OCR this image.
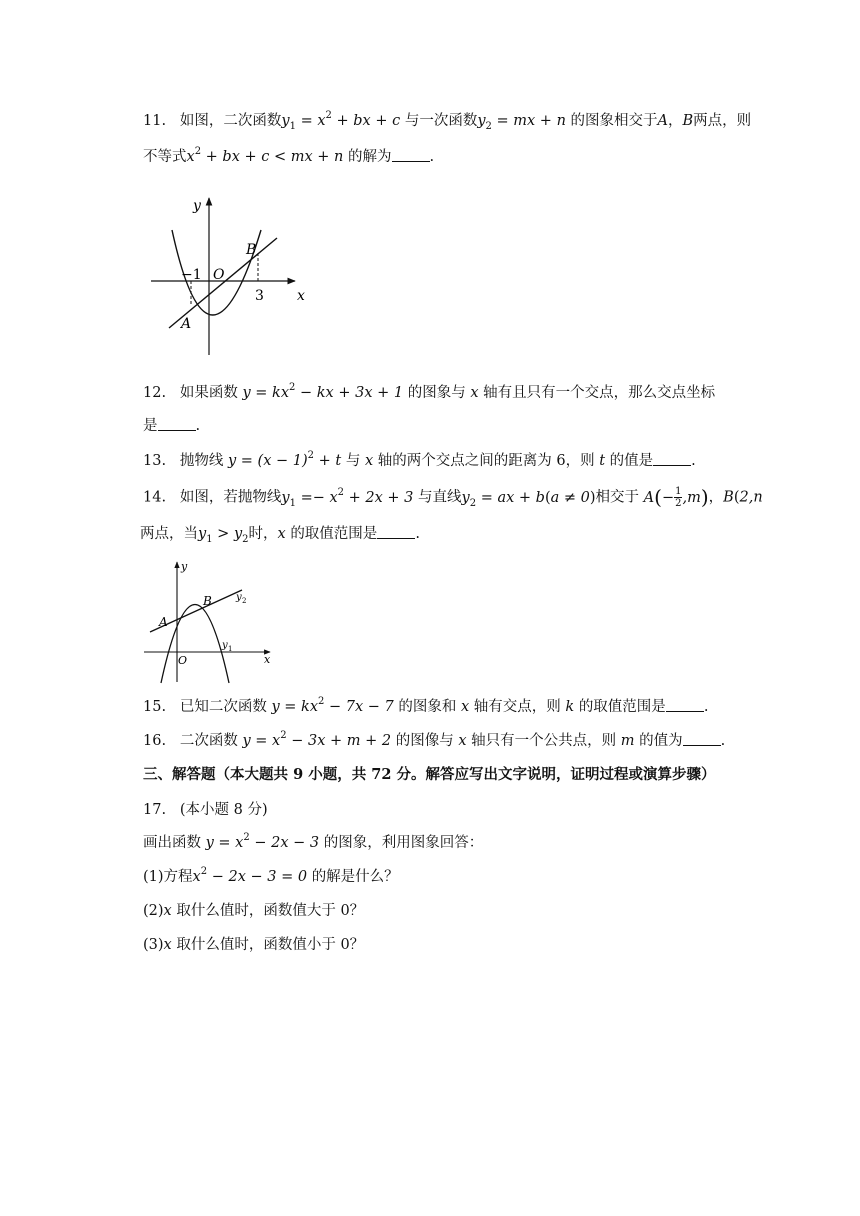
11. 如图，二次函数$y_1 = x^2$ + bx + c 与一次函数$y_2$ = mx + n 的图象相交于A，B两点，则
不等式$x^2$ + bx + c < mx + n 的解为	.
y
x
O
B
A
−1
3
12. 如果函数 $y = kx^2$ − kx + 3x + 1 的图象与 x 轴有且只有一个交点，那么交点坐标
是	.
13. 抛物线 $y = (x - 1)^2 + t$ 与 x 轴的两个交点之间的距离为 6，则 t 的值是	.
14. 如图，若抛物线$y_1 =- x^2 + 2x + 3$ 与直线$y_2$ = ax + b(a ≠ 0)相交于 $A(- \frac{1}{2} ,m)$，B(2,n
两点，当$y_1 > y_2$时，x 的取值范围是	.
y
x
O
A
B y 2
y 1
15. 已知二次函数 $y = kx^2 - 7x - 7$ 的图象和 x 轴有交点，则 k 的取值范围是	.
16. 二次函数 $y = x^2 - 3x + m + 2$ 的图像与 x 轴只有一个公共点，则 m 的值为	.
三、解答题（本大题共 9 小题，共 72 分。解答应写出文字说明，证明过程或演算步骤）
17. (本小题 8 分)
画出函数 $y = x^2 - 2x - 3$ 的图象，利用图象回答：
(1)方程$x^2 - 2x - 3 = 0$ 的解是什么？
(2)x 取什么值时，函数值大于 0？
(3)x 取什么值时，函数值小于 0？
